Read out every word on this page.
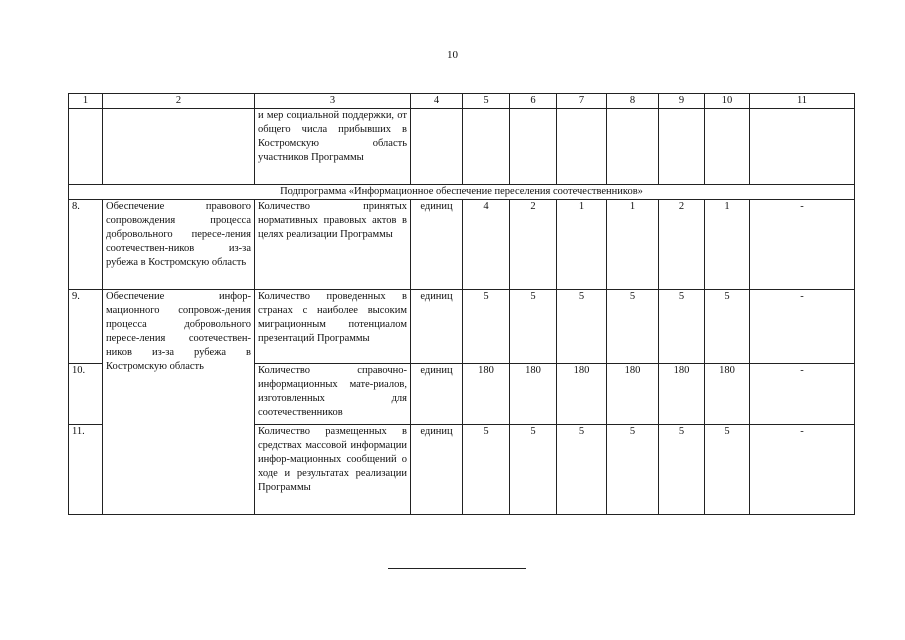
10
1	2	3	4	5	6	7	8	9	10	11
		и мер социальной поддержки, от общего числа прибывших в Костромскую область участников Программы								
Подпрограмма «Информационное обеспечение переселения соотечественников»										
8.	Обеспечение правового сопровождения процесса добровольного пересе-ления соотечествен-ников из-за рубежа в Костромскую область	Количество принятых нормативных правовых актов в целях реализации Программы	единиц	4	2	1	1	2	1	-
9.	Обеспечение инфор-мационного сопровож-дения процесса добровольного пересе-ления соотечествен-ников из-за рубежа в Костромскую область	Количество проведенных в странах с наиболее высоким миграционным потенциалом презентаций Программы	единиц	5	5	5	5	5	5	-
10.		Количество справочно-информационных мате-риалов, изготовленных для соотечественников	единиц	180	180	180	180	180	180	-
11.		Количество размещенных в средствах массовой информации инфор-мационных сообщений о ходе и результатах реализации Программы	единиц	5	5	5	5	5	5	-
